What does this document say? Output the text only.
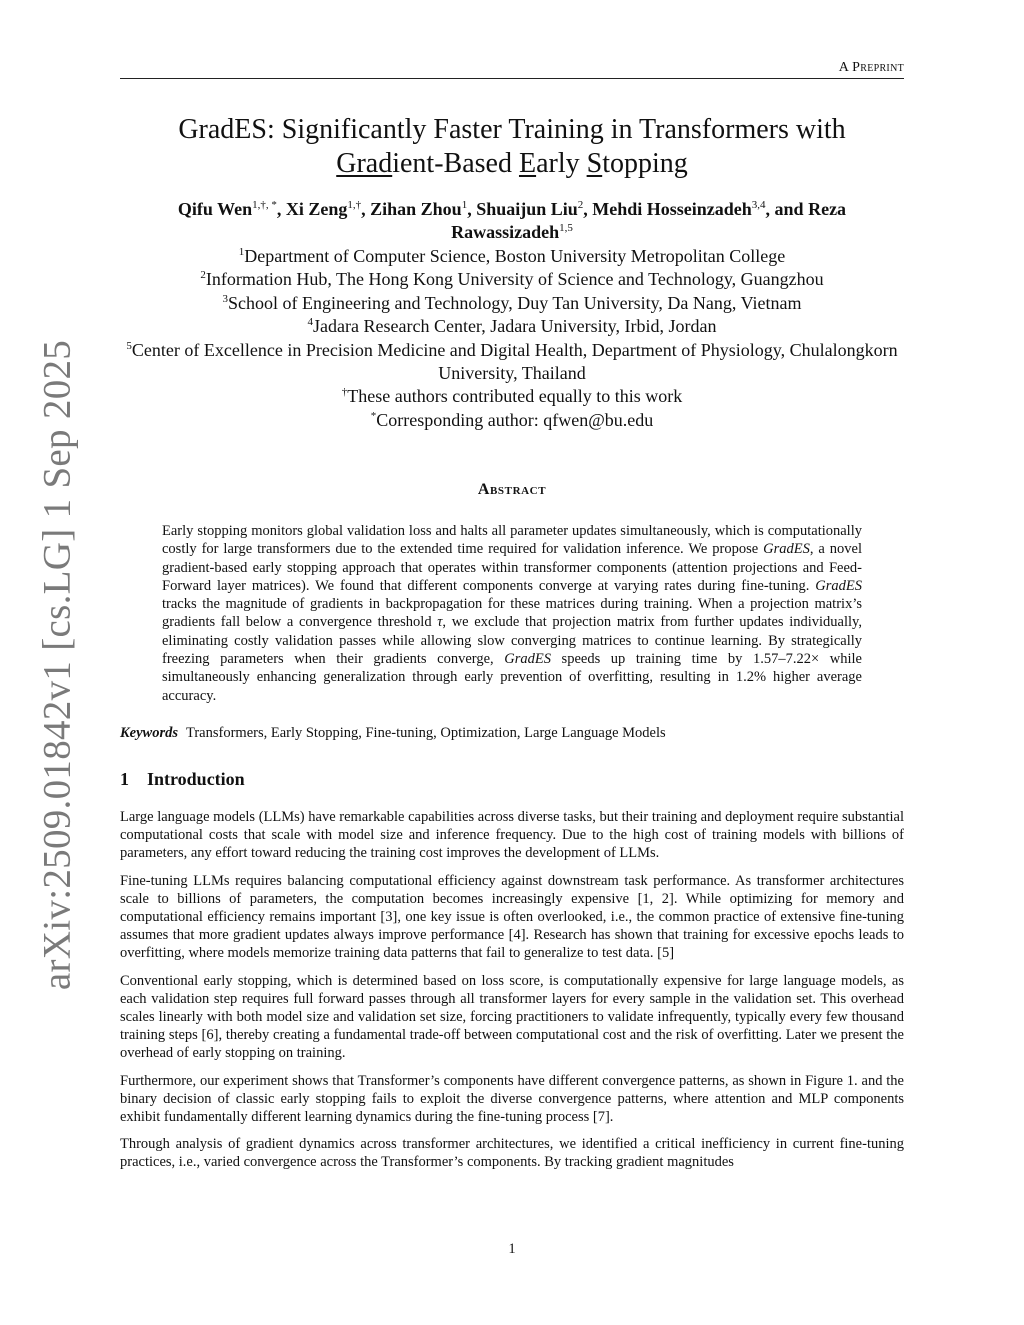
arXiv:2509.01842v1 [cs.LG] 1 Sep 2025
A Preprint
GradES: Significantly Faster Training in Transformers with
Gradient-Based Early Stopping
Qifu Wen$^{1,\dagger, *}$, Xi Zeng$^{1,\dagger}$, Zihan Zhou$^1$, Shuaijun Liu$^2$, Mehdi Hosseinzadeh$^{3,4}$, and Reza Rawassizadeh$^{1,5}$
$^1$Department of Computer Science, Boston University Metropolitan College
$^2$Information Hub, The Hong Kong University of Science and Technology, Guangzhou
$^3$School of Engineering and Technology, Duy Tan University, Da Nang, Vietnam
$^4$Jadara Research Center, Jadara University, Irbid, Jordan
$^5$Center of Excellence in Precision Medicine and Digital Health, Department of Physiology, Chulalongkorn University, Thailand
†These authors contributed equally to this work
*Corresponding author: qfwen@bu.edu
Abstract
Early stopping monitors global validation loss and halts all parameter updates simultaneously, which is computationally costly for large transformers due to the extended time required for validation inference. We propose GradES, a novel gradient-based early stopping approach that operates within transformer components (attention projections and Feed-Forward layer matrices). We found that different components converge at varying rates during fine-tuning. GradES tracks the magnitude of gradients in backpropagation for these matrices during training. When a projection matrix’s gradients fall below a convergence threshold τ, we exclude that projection matrix from further updates individually, eliminating costly validation passes while allowing slow converging matrices to continue learning. By strategically freezing parameters when their gradients converge, GradES speeds up training time by 1.57–7.22× while simultaneously enhancing generalization through early prevention of overfitting, resulting in 1.2% higher average accuracy.
Keywords Transformers, Early Stopping, Fine-tuning, Optimization, Large Language Models
1 Introduction

Large language models (LLMs) have remarkable capabilities across diverse tasks, but their training and deployment require substantial computational costs that scale with model size and inference frequency. Due to the high cost of training models with billions of parameters, any effort toward reducing the training cost improves the development of LLMs.

Fine-tuning LLMs requires balancing computational efficiency against downstream task performance. As transformer architectures scale to billions of parameters, the computation becomes increasingly expensive [1, 2]. While optimizing for memory and computational efficiency remains important [3], one key issue is often overlooked, i.e., the common practice of extensive fine-tuning assumes that more gradient updates always improve performance [4]. Research has shown that training for excessive epochs leads to overfitting, where models memorize training data patterns that fail to generalize to test data. [5]

Conventional early stopping, which is determined based on loss score, is computationally expensive for large language models, as each validation step requires full forward passes through all transformer layers for every sample in the validation set. This overhead scales linearly with both model size and validation set size, forcing practitioners to validate infrequently, typically every few thousand training steps [6], thereby creating a fundamental trade-off between computational cost and the risk of overfitting. Later we present the overhead of early stopping on training.

Furthermore, our experiment shows that Transformer’s components have different convergence patterns, as shown in Figure 1. and the binary decision of classic early stopping fails to exploit the diverse convergence patterns, where attention and MLP components exhibit fundamentally different learning dynamics during the fine-tuning process [7].

Through analysis of gradient dynamics across transformer architectures, we identified a critical inefficiency in current fine-tuning practices, i.e., varied convergence across the Transformer’s components. By tracking gradient magnitudes

1
